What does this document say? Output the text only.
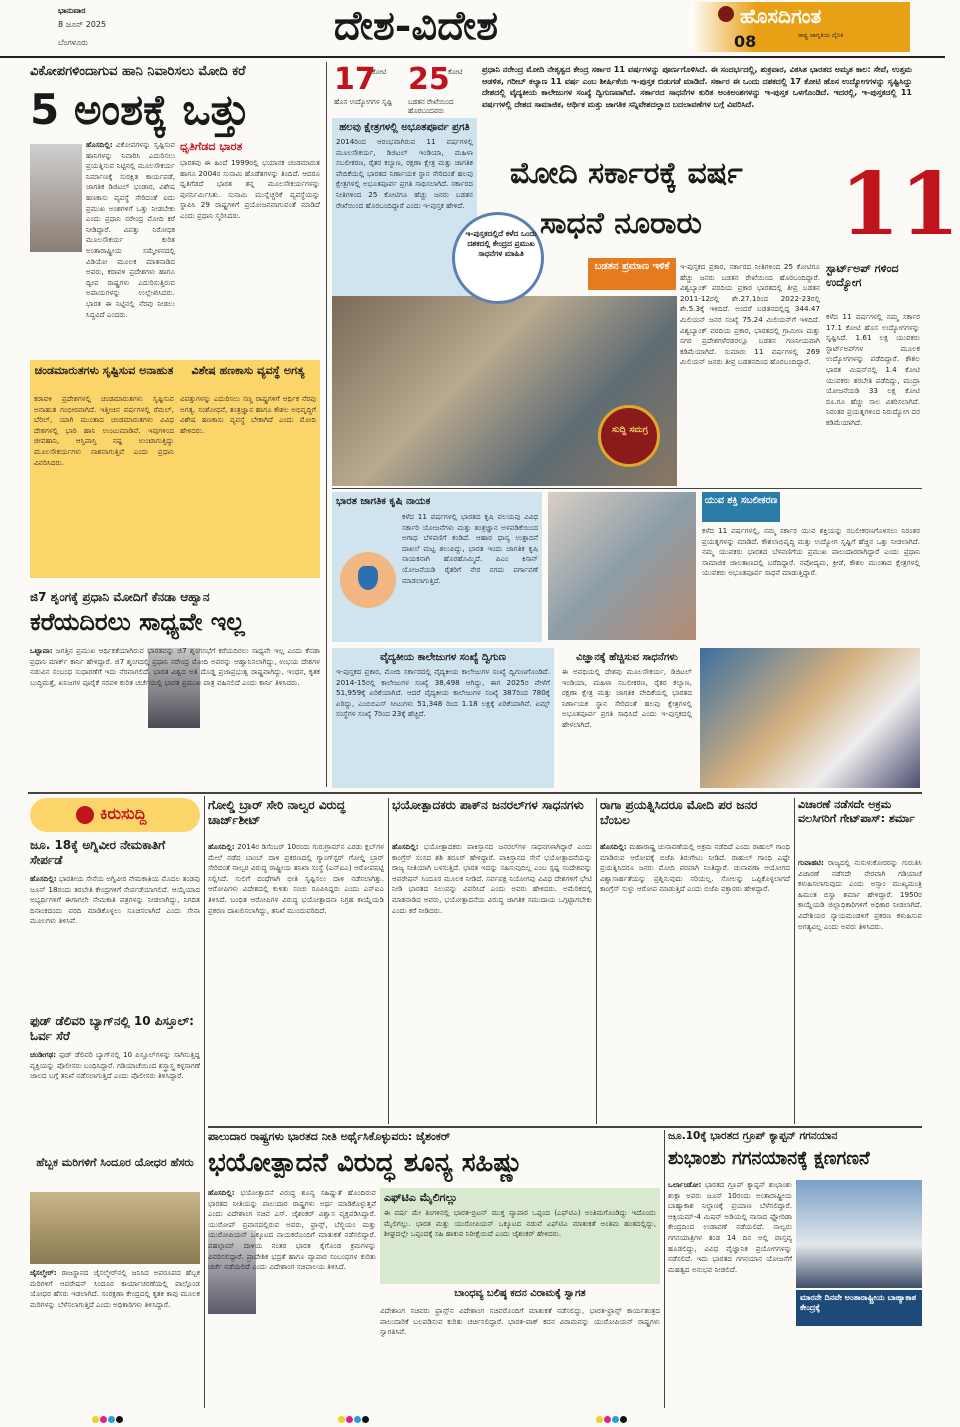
ಭಾನುವಾರ
8 ಜೂನ್ 2025
ಬೆಂಗಳೂರು	ದೇಶ-ವಿದೇಶ	ಹೊಸದಿಗಂತ
ರಾಷ್ಟ್ರ ಜಾಗೃತಿಯ ದೈನಿಕ
08
ವಿಕೋಪಗಳಿಂದಾಗುವ ಹಾನಿ ನಿವಾರಿಸಲು ಮೋದಿ ಕರೆ
5 ಅಂಶಕ್ಕೆ ಒತ್ತು
ಹೊಸದಿಲ್ಲಿ: ವಿಕೋಪಗಳನ್ನು ಸೃಷ್ಟಿಸುವ ಹಾನಿಗಳನ್ನು ನಿವಾರಿಸಿ ಎದುರಿಸಲು ಪ್ರಯತ್ನಿಸುವ ನಿಟ್ಟಿನಲ್ಲಿ ಮೂಲಸೌಕರ್ಯ ನಿರ್ಮಾಣಕ್ಕೆ ಸುರಕ್ಷಿತ ಕಾರ್ಯಪಡೆ, ಜಾಗತಿಕ ಡಿಜಿಟಲ್ ಭಂಡಾರ, ವಿಶೇಷ ಹಣಕಾಸು ವ್ಯವಸ್ಥೆ ಸೇರಿದಂತೆ ಐದು ಪ್ರಮುಖ ಅಂಶಗಳಿಗೆ ಒತ್ತು ನೀಡಬೇಕು ಎಂದು ಪ್ರಧಾನಿ ನರೇಂದ್ರ ಮೋದಿ ಕರೆ ನೀಡಿದ್ದಾರೆ. ವಿಪತ್ತು ನಿರೋಧಕ ಮೂಲಸೌಕರ್ಯ ಕುರಿತ ಅಂತಾರಾಷ್ಟ್ರೀಯ ಸಮ್ಮೇಳನದಲ್ಲಿ ವಿಡಿಯೋ ಮೂಲಕ ಮಾತನಾಡಿದ ಅವರು, ಕರಾವಳಿ ಪ್ರದೇಶಗಳು ಹಾಗೂ ದ್ವೀಪ ರಾಷ್ಟ್ರಗಳು ಎದುರಿಸುತ್ತಿರುವ ಅಪಾಯಗಳನ್ನು ಉಲ್ಲೇಖಿಸಿದರು. ಭಾರತ ಈ ನಿಟ್ಟಿನಲ್ಲಿ ನೆರವು ನೀಡಲು ಸಿದ್ಧವಿದೆ ಎಂದರು.
ಧೃತಿಗೆಡದ ಭಾರತ
ಭಾರತವು ಈ ಹಿಂದೆ 1999ರಲ್ಲಿ ಭಯಾನಕ ಚಂಡಮಾರುತ ಹಾಗೂ 2004ರ ಸುನಾಮಿ ಹೊಡೆತಗಳನ್ನು ತಿಂದಿದೆ. ಆದರೂ ಧೃತಿಗೆಡದೆ ಭಾರತ ತನ್ನ ಮೂಲಸೌಕರ್ಯಗಳನ್ನು ಪುನರ್ನಿರ್ಮಿಸಿತು. ಸುನಾಮಿ ಮುನ್ನೆಚ್ಚರಿಕೆ ವ್ಯವಸ್ಥೆಯನ್ನು ಸ್ಥಾಪಿಸಿ 29 ರಾಷ್ಟ್ರಗಳಿಗೆ ಪ್ರಯೋಜನವಾಗುವಂತೆ ಮಾಡಿದೆ ಎಂದು ಪ್ರಧಾನಿ ಸ್ಮರಿಸಿದರು.
ಚಂಡಮಾರುತಗಳು ಸೃಷ್ಟಿಸುವ ಅನಾಹುತ
ಕರಾವಳಿ ಪ್ರದೇಶಗಳಲ್ಲಿ ಚಂಡಮಾರುತಗಳು ಸೃಷ್ಟಿಸುವ ಅನಾಹುತ ಗಂಭೀರವಾಗಿದೆ. ಇತ್ತೀಚಿನ ವರ್ಷಗಳಲ್ಲಿ ರೆಮಲ್, ಬೆರಿಲ್, ಯಾಗಿ ಮುಂತಾದ ಚಂಡಮಾರುತಗಳು ವಿವಿಧ ದೇಶಗಳಲ್ಲಿ ಭಾರಿ ಹಾನಿ ಉಂಟುಮಾಡಿವೆ. ಇವುಗಳಿಂದ ಜೀವಹಾನಿ, ಆಸ್ತಿಪಾಸ್ತಿ ನಷ್ಟ ಉಂಟಾಗುತ್ತಿದ್ದು ಮೂಲಸೌಕರ್ಯಗಳು ನಾಶವಾಗುತ್ತಿವೆ ಎಂದು ಪ್ರಧಾನಿ ವಿವರಿಸಿದರು.
ವಿಶೇಷ ಹಣಕಾಸು ವ್ಯವಸ್ಥೆ ಅಗತ್ಯ
ವಿಪತ್ತುಗಳನ್ನು ಎದುರಿಸಲು ಸಣ್ಣ ರಾಷ್ಟ್ರಗಳಿಗೆ ಆರ್ಥಿಕ ನೆರವು ಅಗತ್ಯ. ಸಂಶೋಧನೆ, ತಂತ್ರಜ್ಞಾನ ಹಾಗೂ ಕೌಶಲ ಅಭಿವೃದ್ಧಿಗೆ ವಿಶೇಷ ಹಣಕಾಸು ವ್ಯವಸ್ಥೆ ಬೇಕಾಗಿದೆ ಎಂದು ಮೋದಿ ಹೇಳಿದರು.
ಜಿ7 ಶೃಂಗಕ್ಕೆ ಪ್ರಧಾನಿ ಮೋದಿಗೆ ಕೆನಡಾ ಆಹ್ವಾನ
ಕರೆಯದಿರಲು ಸಾಧ್ಯವೇ ಇಲ್ಲ
ಒಟ್ಟಾವಾ: ಜಗತ್ತಿನ ಪ್ರಮುಖ ಆರ್ಥಿಕತೆಯಾಗಿರುವ ಭಾರತವನ್ನು ಜಿ7 ಶೃಂಗಸಭೆಗೆ ಕರೆಯದಿರಲು ಸಾಧ್ಯವೇ ಇಲ್ಲ ಎಂದು ಕೆನಡಾ ಪ್ರಧಾನಿ ಮಾರ್ಕ್ ಕಾರ್ನಿ ಹೇಳಿದ್ದಾರೆ. ಜಿ7 ಶೃಂಗದಲ್ಲಿ ಪ್ರಧಾನಿ ನರೇಂದ್ರ ಮೋದಿ ಅವರನ್ನು ಆಹ್ವಾನಿಸಲಾಗಿದ್ದು, ಉಭಯ ದೇಶಗಳ ನಡುವಿನ ಸಂಬಂಧ ಸುಧಾರಣೆಗೆ ಇದು ನೆರವಾಗಲಿದೆ. ಭಾರತ ವಿಶ್ವದ ಅತಿ ದೊಡ್ಡ ಪ್ರಜಾಪ್ರಭುತ್ವ ರಾಷ್ಟ್ರವಾಗಿದ್ದು, ಇಂಧನ, ಕೃತಕ ಬುದ್ಧಿಮತ್ತೆ, ಖನಿಜಗಳ ಪೂರೈಕೆ ಸರಪಳಿ ಕುರಿತ ಚರ್ಚೆಯಲ್ಲಿ ಭಾರತ ಪ್ರಮುಖ ಪಾತ್ರ ವಹಿಸಲಿದೆ ಎಂದು ಕಾರ್ನಿ ತಿಳಿಸಿದರು.
17
ಕೋಟಿ
ಹೊಸ ಉದ್ಯೋಗಗಳ ಸೃಷ್ಟಿ
25
ಕೋಟಿ
ಬಡತನ ರೇಖೆಯಿಂದ ಹೊರಬಂದವರು
ಪ್ರಧಾನಿ ನರೇಂದ್ರ ಮೋದಿ ನೇತೃತ್ವದ ಕೇಂದ್ರ ಸರ್ಕಾರ 11 ವರ್ಷಗಳನ್ನು ಪೂರ್ಣಗೊಳಿಸಿದೆ. ಈ ಸಂದರ್ಭದಲ್ಲಿ, ಶುಕ್ರವಾರ, ವಿಕಸಿತ ಭಾರತದ ಅಮೃತ ಕಾಲ: ಸೇವೆ, ಉತ್ತಮ ಆಡಳಿತ, ಗರೀಬ್ ಕಲ್ಯಾಣ 11 ವರ್ಷ ಎಂಬ ಶೀರ್ಷಿಕೆಯ ಇ-ಪುಸ್ತಕ ಬಿಡುಗಡೆ ಮಾಡಿದೆ. ಸರ್ಕಾರ ಈ ಒಂದು ದಶಕದಲ್ಲಿ 17 ಕೋಟಿ ಹೊಸ ಉದ್ಯೋಗಗಳನ್ನು ಸೃಷ್ಟಿಸಿದ್ದು ದೇಶದಲ್ಲಿ ವೈದ್ಯಕೀಯ ಕಾಲೇಜುಗಳ ಸಂಖ್ಯೆ ದ್ವಿಗುಣವಾಗಿದೆ. ಸರ್ಕಾರದ ಸಾಧನೆಗಳ ಕುರಿತ ಅಂಕಿಅಂಶಗಳನ್ನು ಇ-ಪುಸ್ತಕ ಒಳಗೊಂಡಿದೆ. ಇದರಲ್ಲಿ, ಇ-ಪುಸ್ತಕದಲ್ಲಿ 11 ವರ್ಷಗಳಲ್ಲಿ ದೇಶದ ಸಾಮಾಜಿಕ, ಆರ್ಥಿಕ ಮತ್ತು ಜಾಗತಿಕ ಸನ್ನಿವೇಶದಲ್ಲಾದ ಬದಲಾವಣೆಗಳ ಬಗ್ಗೆ ವಿವರಿಸಿದೆ.
ಹಲವು ಕ್ಷೇತ್ರಗಳಲ್ಲಿ ಅಭೂತಪೂರ್ವ ಪ್ರಗತಿ
2014ರಿಂದ ಆರಂಭವಾಗಿರುವ 11 ವರ್ಷಗಳಲ್ಲಿ ಮೂಲಸೌಕರ್ಯ, ಡಿಜಿಟಲ್ ಇಂಡಿಯಾ, ಮಹಿಳಾ ಸಬಲೀಕರಣ, ರೈತರ ಕಲ್ಯಾಣ, ರಕ್ಷಣಾ ಕ್ಷೇತ್ರ ಮತ್ತು ಜಾಗತಿಕ ವೇದಿಕೆಯಲ್ಲಿ ಭಾರತದ ನಿರ್ಣಾಯಕ ಸ್ಥಾನ ಸೇರಿದಂತೆ ಹಲವು ಕ್ಷೇತ್ರಗಳಲ್ಲಿ ಅಭೂತಪೂರ್ವ ಪ್ರಗತಿ ಸಾಧಿಸಲಾಗಿದೆ. ಸರ್ಕಾರದ ನೀತಿಗಳಿಂದ 25 ಕೋಟಿಗೂ ಹೆಚ್ಚು ಜನರು ಬಡತನ ರೇಖೆಯಿಂದ ಹೊರಬಂದಿದ್ದಾರೆ ಎಂದು ಇ-ಪುಸ್ತಕ ಹೇಳಿದೆ.
ಮೋದಿ ಸರ್ಕಾರಕ್ಕೆ ವರ್ಷ
ಸಾಧನೆ ನೂರಾರು	11
ಇ-ಪುಸ್ತಕದಲ್ಲಿದೆ ಕಳೆದ ಒಂದು ದಶಕದಲ್ಲಿ ಕೇಂದ್ರದ ಪ್ರಮುಖ ಸಾಧನೆಗಳ ಮಾಹಿತಿ
ಸುದ್ದಿ ಸಮಗ್ರ
ಬಡತನ ಪ್ರಮಾಣ ಇಳಿಕೆ	ಇ-ಪುಸ್ತಕದ ಪ್ರಕಾರ, ಸರ್ಕಾರದ ನೀತಿಗಳಿಂದ 25 ಕೋಟಿಗೂ ಹೆಚ್ಚು ಜನರು ಬಡತನ ರೇಖೆಯಿಂದ ಹೊರಬಂದಿದ್ದಾರೆ. ವಿಶ್ವಬ್ಯಾಂಕ್ ವರದಿಯ ಪ್ರಕಾರ ಭಾರತದಲ್ಲಿ ತೀವ್ರ ಬಡತನ 2011-12ರಲ್ಲಿ ಶೇ.27.1ರಿಂದ 2022-23ರಲ್ಲಿ ಶೇ.5.3ಕ್ಕೆ ಇಳಿದಿದೆ. ಅಂದರೆ ಬಡತನದಲ್ಲಿದ್ದ 344.47 ಮಿಲಿಯನ್ ಜನರ ಸಂಖ್ಯೆ 75.24 ಮಿಲಿಯನ್‌ಗೆ ಇಳಿದಿದೆ. ವಿಶ್ವಬ್ಯಾಂಕ್ ವರದಿಯ ಪ್ರಕಾರ, ಭಾರತದಲ್ಲಿ ಗ್ರಾಮೀಣ ಮತ್ತು ನಗರ ಪ್ರದೇಶಗಳೆರಡರಲ್ಲೂ ಬಡತನ ಗಣನೀಯವಾಗಿ ಕಡಿಮೆಯಾಗಿದೆ. ಸುಮಾರು 11 ವರ್ಷಗಳಲ್ಲಿ 269 ಮಿಲಿಯನ್ ಜನರು ತೀವ್ರ ಬಡತನದಿಂದ ಹೊರಬಂದಿದ್ದಾರೆ.
ಸ್ಟಾರ್ಟ್‌ಅಪ್ ಗಳಿಂದ ಉದ್ಯೋಗ
ಕಳೆದ 11 ವರ್ಷಗಳಲ್ಲಿ ನಮ್ಮ ಸರ್ಕಾರ 17.1 ಕೋಟಿ ಹೊಸ ಉದ್ಯೋಗಗಳನ್ನು ಸೃಷ್ಟಿಸಿದೆ. 1.61 ಲಕ್ಷ ಯುವಕರು ಸ್ಟಾರ್ಟ್‌ಅಪ್‌ಗಳ ಮೂಲಕ ಉದ್ಯೋಗಗಳನ್ನು ಪಡೆದಿದ್ದಾರೆ. ಕೌಶಲ ಭಾರತ ಮಿಷನ್‌ನಲ್ಲಿ 1.4 ಕೋಟಿ ಯುವಕರು ತರಬೇತಿ ಪಡೆದಿದ್ದು, ಮುದ್ರಾ ಯೋಜನೆಯಡಿ 33 ಲಕ್ಷ ಕೋಟಿ ರೂ.ಗೂ ಹೆಚ್ಚು ಸಾಲ ವಿತರಿಸಲಾಗಿದೆ. ನಿರಂತರ ಪ್ರಯತ್ನಗಳಿಂದ ನಿರುದ್ಯೋಗ ದರ ಕಡಿಮೆಯಾಗಿದೆ.
ಭಾರತ ಜಾಗತಿಕ ಕೃಷಿ ನಾಯಕ
ಕಳೆದ 11 ವರ್ಷಗಳಲ್ಲಿ ಭಾರತದ ಕೃಷಿ ವಲಯವು ವಿವಿಧ ಸರ್ಕಾರಿ ಯೋಜನೆಗಳು ಮತ್ತು ತಂತ್ರಜ್ಞಾನ ಅಳವಡಿಕೆಯಿಂದ ಅಗಾಧ ಬೆಳವಣಿಗೆ ಕಂಡಿದೆ. ಆಹಾರ ಧಾನ್ಯ ಉತ್ಪಾದನೆ ದಾಖಲೆ ಮಟ್ಟ ತಲುಪಿದ್ದು, ಭಾರತ ಇಂದು ಜಾಗತಿಕ ಕೃಷಿ ನಾಯಕನಾಗಿ ಹೊರಹೊಮ್ಮಿದೆ. ಪಿಎಂ ಕಿಸಾನ್ ಯೋಜನೆಯಡಿ ರೈತರಿಗೆ ನೇರ ನಗದು ವರ್ಗಾವಣೆ ಮಾಡಲಾಗುತ್ತಿದೆ.
ಯುವ ಶಕ್ತಿ ಸಬಲೀಕರಣ
ಕಳೆದ 11 ವರ್ಷಗಳಲ್ಲಿ, ನಮ್ಮ ಸರ್ಕಾರ ಯುವ ಶಕ್ತಿಯನ್ನು ಸಬಲೀಕರಣಗೊಳಿಸಲು ನಿರಂತರ ಪ್ರಯತ್ನಗಳನ್ನು ಮಾಡಿದೆ. ಕೌಶಲಾಭಿವೃದ್ಧಿ ಮತ್ತು ಉದ್ಯೋಗ ಸೃಷ್ಟಿಗೆ ಹೆಚ್ಚಿನ ಒತ್ತು ನೀಡಲಾಗಿದೆ. ನಮ್ಮ ಯುವಕರು ಭಾರತದ ಬೆಳವಣಿಗೆಯ ಪ್ರಮುಖ ಪಾಲುದಾರರಾಗಿದ್ದಾರೆ ಎಂದು ಪ್ರಧಾನಿ ಸಾಮಾಜಿಕ ಜಾಲತಾಣದಲ್ಲಿ ಬರೆದಿದ್ದಾರೆ. ನವೋದ್ಯಮ, ಕ್ರೀಡೆ, ಕೌಶಲ ಮುಂತಾದ ಕ್ಷೇತ್ರಗಳಲ್ಲಿ ಯುವಕರು ಅಭೂತಪೂರ್ವ ಸಾಧನೆ ಮಾಡುತ್ತಿದ್ದಾರೆ.
ವೈದ್ಯಕೀಯ ಕಾಲೇಜುಗಳ ಸಂಖ್ಯೆ ದ್ವಿಗುಣ
ಇ-ಪುಸ್ತಕದ ಪ್ರಕಾರ, ಮೋದಿ ಸರ್ಕಾರದಲ್ಲಿ ವೈದ್ಯಕೀಯ ಕಾಲೇಜುಗಳ ಸಂಖ್ಯೆ ದ್ವಿಗುಣಗೊಂಡಿದೆ. 2014-15ರಲ್ಲಿ ಕಾಲೇಜುಗಳ ಸಂಖ್ಯೆ 38,498 ಆಗಿದ್ದು, ಈಗ 2025ರ ವೇಳೆಗೆ 51,959ಕ್ಕೆ ಏರಿಕೆಯಾಗಿದೆ. ಆದರೆ ವೈದ್ಯಕೀಯ ಕಾಲೇಜುಗಳ ಸಂಖ್ಯೆ 387ರಿಂದ 780ಕ್ಕೆ ಏರಿದ್ದು, ಎಂಬಿಬಿಎಸ್ ಸೀಟುಗಳು 51,348 ರಿಂದ 1.18 ಲಕ್ಷಕ್ಕೆ ಏರಿಕೆಯಾಗಿವೆ. ಏಮ್ಸ್ ಸಂಸ್ಥೆಗಳ ಸಂಖ್ಯೆ 7ರಿಂದ 23ಕ್ಕೆ ಹೆಚ್ಚಿದೆ.
ವಿಜ್ಞಾನಕ್ಕೆ ಹೆಚ್ಚಿಸುವ ಸಾಧನೆಗಳು
ಈ ಅವಧಿಯಲ್ಲಿ ದೇಶವು ಮೂಲಸೌಕರ್ಯ, ಡಿಜಿಟಲ್ ಇಂಡಿಯಾ, ಮಹಿಳಾ ಸಬಲೀಕರಣ, ರೈತರ ಕಲ್ಯಾಣ, ರಕ್ಷಣಾ ಕ್ಷೇತ್ರ ಮತ್ತು ಜಾಗತಿಕ ವೇದಿಕೆಯಲ್ಲಿ ಭಾರತದ ನಿರ್ಣಾಯಕ ಸ್ಥಾನ ಸೇರಿದಂತೆ ಹಲವು ಕ್ಷೇತ್ರಗಳಲ್ಲಿ ಅಭೂತಪೂರ್ವ ಪ್ರಗತಿ ಸಾಧಿಸಿದೆ ಎಂದು ಇ-ಪುಸ್ತಕದಲ್ಲಿ ಹೇಳಲಾಗಿದೆ.
ಕಿರುಸುದ್ದಿ
ಜೂ. 18ಕ್ಕೆ ಅಗ್ನಿವೀರ ನೇಮಕಾತಿಗೆ ಸೇರ್ಪಡೆ
ಹೊಸದಿಲ್ಲಿ: ಭಾರತೀಯ ಸೇನೆಯ ಅಗ್ನಿವೀರ ನೇಮಕಾತಿಯ ಮೊದಲ ತಂಡವು ಜೂನ್ 18ರಂದು ತರಬೇತಿ ಕೇಂದ್ರಗಳಿಗೆ ಸೇರ್ಪಡೆಯಾಗಲಿದೆ. ಆಯ್ಕೆಯಾದ ಅಭ್ಯರ್ಥಿಗಳಿಗೆ ಈಗಾಗಲೇ ನೇಮಕಾತಿ ಪತ್ರಗಳನ್ನು ನೀಡಲಾಗಿದ್ದು, ನಿಗದಿತ ದಿನಾಂಕದಂದು ವರದಿ ಮಾಡಿಕೊಳ್ಳಲು ಸೂಚಿಸಲಾಗಿದೆ ಎಂದು ಸೇನಾ ಮೂಲಗಳು ತಿಳಿಸಿವೆ.
ಫುಡ್ ಡೆಲಿವರಿ ಬ್ಯಾಗ್‌ನಲ್ಲಿ 10 ಪಿಸ್ತೂಲ್: ಓರ್ವ ಸೆರೆ
ಚಂಡೀಗಢ: ಫುಡ್ ಡೆಲಿವರಿ ಬ್ಯಾಗ್‌ನಲ್ಲಿ 10 ಪಿಸ್ತೂಲ್‌ಗಳನ್ನು ಸಾಗಿಸುತ್ತಿದ್ದ ವ್ಯಕ್ತಿಯನ್ನು ಪೊಲೀಸರು ಬಂಧಿಸಿದ್ದಾರೆ. ಗಡಿಯಾಚೆಯಿಂದ ಶಸ್ತ್ರಾಸ್ತ್ರ ಕಳ್ಳಸಾಗಣೆ ಜಾಲದ ಬಗ್ಗೆ ತನಿಖೆ ನಡೆಸಲಾಗುತ್ತಿದೆ ಎಂದು ಪೊಲೀಸರು ತಿಳಿಸಿದ್ದಾರೆ.
ಹೆಬ್ಬಕ ಮರಿಗಳಿಗೆ ಸಿಂದೂರ ಯೋಧರ ಹೆಸರು
ಜೈಸಲ್ಮೇರ್: ರಾಜಸ್ಥಾನದ ಜೈಸಲ್ಮೇರ್‌ನಲ್ಲಿ ಜನಿಸಿದ ಅಪರೂಪದ ಹೆಬ್ಬಕ ಮರಿಗಳಿಗೆ ಆಪರೇಷನ್ ಸಿಂದೂರ ಕಾರ್ಯಾಚರಣೆಯಲ್ಲಿ ಪಾಲ್ಗೊಂಡ ಯೋಧರ ಹೆಸರು ಇಡಲಾಗಿದೆ. ಸಂರಕ್ಷಣಾ ಕೇಂದ್ರದಲ್ಲಿ ಕೃತಕ ಕಾವು ಮೂಲಕ ಮರಿಗಳನ್ನು ಬೆಳೆಸಲಾಗುತ್ತಿದೆ ಎಂದು ಅಧಿಕಾರಿಗಳು ತಿಳಿಸಿದ್ದಾರೆ.
ಗೋಲ್ಡಿ ಬ್ರಾರ್ ಸೇರಿ ನಾಲ್ವರ ವಿರುದ್ಧ ಚಾರ್ಜ್‌ಶೀಟ್
ಹೊಸದಿಲ್ಲಿ: 2014ರ ಡಿಸೆಂಬರ್ 10ರಂದು ಗುರುಗ್ರಾಮ್‌ನ ಎರಡು ಕ್ಲಬ್‌ಗಳ ಮೇಲೆ ನಡೆದ ಬಾಂಬ್ ದಾಳಿ ಪ್ರಕರಣದಲ್ಲಿ ಗ್ಯಾಂಗ್‌ಸ್ಟರ್ ಗೋಲ್ಡಿ ಬ್ರಾರ್ ಸೇರಿದಂತೆ ನಾಲ್ವರ ವಿರುದ್ಧ ರಾಷ್ಟ್ರೀಯ ತನಿಖಾ ಸಂಸ್ಥೆ (ಎನ್‌ಐಎ) ಆರೋಪಪಟ್ಟಿ ಸಲ್ಲಿಸಿದೆ. ಸುಲಿಗೆ ದಂಧೆಗಾಗಿ ಭೀತಿ ಸೃಷ್ಟಿಸಲು ದಾಳಿ ನಡೆಸಲಾಗಿತ್ತು. ಆರೋಪಿಗಳು ವಿದೇಶದಲ್ಲಿ ಕುಳಿತು ಸಂಚು ರೂಪಿಸಿದ್ದರು ಎಂದು ಎನ್‌ಐಎ ತಿಳಿಸಿದೆ. ಬಂಧಿತ ಆರೋಪಿಗಳ ವಿರುದ್ಧ ಭಯೋತ್ಪಾದನಾ ನಿಗ್ರಹ ಕಾಯ್ದೆಯಡಿ ಪ್ರಕರಣ ದಾಖಲಿಸಲಾಗಿದ್ದು, ತನಿಖೆ ಮುಂದುವರಿದಿದೆ.
ಭಯೋತ್ಪಾದಕರು ಪಾಕ್‌ನ ಜನರಲ್‌ಗಳ ಸಾಧನಗಳು
ಹೊಸದಿಲ್ಲಿ: ಭಯೋತ್ಪಾದಕರು ಪಾಕಿಸ್ತಾನದ ಜನರಲ್‌ಗಳ ಸಾಧನಗಳಾಗಿದ್ದಾರೆ ಎಂದು ಕಾಂಗ್ರೆಸ್ ಸಂಸದ ಶಶಿ ತರೂರ್ ಹೇಳಿದ್ದಾರೆ. ಪಾಕಿಸ್ತಾನದ ಸೇನೆ ಭಯೋತ್ಪಾದನೆಯನ್ನು ರಾಜ್ಯ ನೀತಿಯಾಗಿ ಬಳಸುತ್ತಿದೆ. ಭಾರತ ಇದನ್ನು ಸಹಿಸುವುದಿಲ್ಲ ಎಂಬ ಸ್ಪಷ್ಟ ಸಂದೇಶವನ್ನು ಆಪರೇಷನ್ ಸಿಂದೂರ ಮೂಲಕ ನೀಡಿದೆ. ಸರ್ವಪಕ್ಷ ನಿಯೋಗವು ವಿವಿಧ ದೇಶಗಳಿಗೆ ಭೇಟಿ ನೀಡಿ ಭಾರತದ ನಿಲುವನ್ನು ವಿವರಿಸಿದೆ ಎಂದು ಅವರು ಹೇಳಿದರು. ಅಮೆರಿಕದಲ್ಲಿ ಮಾತನಾಡಿದ ಅವರು, ಭಯೋತ್ಪಾದನೆಯ ವಿರುದ್ಧ ಜಾಗತಿಕ ಸಮುದಾಯ ಒಗ್ಗಟ್ಟಾಗಬೇಕು ಎಂದು ಕರೆ ನೀಡಿದರು.
ರಾಗಾ ಪ್ರಯತ್ನಿಸಿದರೂ ಮೋದಿ ಪರ ಜನರ ಬೆಂಬಲ
ಹೊಸದಿಲ್ಲಿ: ಮಹಾರಾಷ್ಟ್ರ ಚುನಾವಣೆಯಲ್ಲಿ ಅಕ್ರಮ ನಡೆದಿದೆ ಎಂದು ರಾಹುಲ್ ಗಾಂಧಿ ಮಾಡಿರುವ ಆರೋಪಕ್ಕೆ ಬಿಜೆಪಿ ತಿರುಗೇಟು ನೀಡಿದೆ. ರಾಹುಲ್ ಗಾಂಧಿ ಎಷ್ಟೇ ಪ್ರಯತ್ನಿಸಿದರೂ ಜನರು ಮೋದಿ ಪರವಾಗಿ ನಿಂತಿದ್ದಾರೆ. ಚುನಾವಣಾ ಆಯೋಗದ ವಿಶ್ವಾಸಾರ್ಹತೆಯನ್ನು ಪ್ರಶ್ನಿಸುವುದು ಸರಿಯಲ್ಲ. ಸೋಲನ್ನು ಒಪ್ಪಿಕೊಳ್ಳಲಾಗದೆ ಕಾಂಗ್ರೆಸ್ ಸುಳ್ಳು ಆರೋಪ ಮಾಡುತ್ತಿದೆ ಎಂದು ಬಿಜೆಪಿ ವಕ್ತಾರರು ಹೇಳಿದ್ದಾರೆ.
ವಿಚಾರಣೆ ನಡೆಸದೇ ಅಕ್ರಮ ವಲಸಿಗರಿಗೆ ಗೇಟ್‌ಪಾಸ್: ಶರ್ಮಾ
ಗುವಾಹಟಿ: ರಾಜ್ಯದಲ್ಲಿ ನುಸುಳುಕೋರರನ್ನು ಗುರುತಿಸಿ ವಿಚಾರಣೆ ನಡೆಸದೇ ನೇರವಾಗಿ ಗಡಿಯಾಚೆ ಕಳುಹಿಸಲಾಗುವುದು ಎಂದು ಅಸ್ಸಾಂ ಮುಖ್ಯಮಂತ್ರಿ ಹಿಮಂತ ಬಿಸ್ವಾ ಶರ್ಮಾ ಹೇಳಿದ್ದಾರೆ. 1950ರ ಕಾಯ್ದೆಯಡಿ ಜಿಲ್ಲಾಧಿಕಾರಿಗಳಿಗೆ ಅಧಿಕಾರ ನೀಡಲಾಗಿದೆ. ವಿದೇಶಿಯರ ನ್ಯಾಯಮಂಡಳಿಗೆ ಪ್ರಕರಣ ಕಳುಹಿಸುವ ಅಗತ್ಯವಿಲ್ಲ ಎಂದು ಅವರು ತಿಳಿಸಿದರು.
ಪಾಲುದಾರ ರಾಷ್ಟ್ರಗಳು ಭಾರತದ ನೀತಿ ಅರ್ಥೈಸಿಕೊಳ್ಳುವರು: ಜೈಶಂಕರ್
ಭಯೋತ್ಪಾದನೆ ವಿರುದ್ಧ ಶೂನ್ಯ ಸಹಿಷ್ಣು
ಹೊಸದಿಲ್ಲಿ: ಭಯೋತ್ಪಾದನೆ ವಿರುದ್ಧ ಶೂನ್ಯ ಸಹಿಷ್ಣುತೆ ಹೊಂದಿರುವ ಭಾರತದ ನೀತಿಯನ್ನು ಪಾಲುದಾರ ರಾಷ್ಟ್ರಗಳು ಅರ್ಥ ಮಾಡಿಕೊಳ್ಳುತ್ತವೆ ಎಂದು ವಿದೇಶಾಂಗ ಸಚಿವ ಎಸ್. ಜೈಶಂಕರ್ ವಿಶ್ವಾಸ ವ್ಯಕ್ತಪಡಿಸಿದ್ದಾರೆ. ಯುರೋಪ್ ಪ್ರವಾಸದಲ್ಲಿರುವ ಅವರು, ಫ್ರಾನ್ಸ್, ಬೆಲ್ಜಿಯಂ ಮತ್ತು ಯುರೋಪಿಯನ್ ಒಕ್ಕೂಟದ ನಾಯಕರೊಂದಿಗೆ ಮಾತುಕತೆ ನಡೆಸಲಿದ್ದಾರೆ. ಪಹಲ್ಗಾಮ್ ದಾಳಿಯ ನಂತರ ಭಾರತ ಕೈಗೊಂಡ ಕ್ರಮಗಳನ್ನು ವಿವರಿಸಲಿದ್ದಾರೆ. ಪ್ರಾದೇಶಿಕ ಭದ್ರತೆ ಹಾಗೂ ವ್ಯಾಪಾರ ಸಂಬಂಧಗಳ ಕುರಿತು ಚರ್ಚೆ ನಡೆಯಲಿದೆ ಎಂದು ವಿದೇಶಾಂಗ ಸಚಿವಾಲಯ ತಿಳಿಸಿದೆ.
ಎಫ್‌ಟಿಎ ಮೈಲಿಗಲ್ಲು
ಈ ವರ್ಷ ಮೇ ತಿಂಗಳಿನಲ್ಲಿ ಭಾರತ-ಬ್ರಿಟನ್ ಮುಕ್ತ ವ್ಯಾಪಾರ ಒಪ್ಪಂದ (ಎಫ್‌ಟಿಎ) ಅಂತಿಮಗೊಂಡಿದ್ದು ಇದೊಂದು ಮೈಲಿಗಲ್ಲು. ಭಾರತ ಮತ್ತು ಯುರೋಪಿಯನ್ ಒಕ್ಕೂಟದ ನಡುವೆ ಎಫ್‌ಟಿಎ ಮಾತುಕತೆ ಅಂತಿಮ ಹಂತದಲ್ಲಿದ್ದು, ಶೀಘ್ರದಲ್ಲೇ ಒಪ್ಪಂದಕ್ಕೆ ಸಹಿ ಹಾಕುವ ನಿರೀಕ್ಷೆಯಿದೆ ಎಂದು ಜೈಶಂಕರ್ ಹೇಳಿದರು.
ಬಾಂಧವ್ಯ ಬಲಿಷ್ಠ ಕದನ ವಿರಾಮಕ್ಕೆ ಸ್ವಾಗತ
ವಿದೇಶಾಂಗ ಸಚಿವರು ಫ್ರಾನ್ಸ್‌ನ ವಿದೇಶಾಂಗ ಸಚಿವರೊಂದಿಗೆ ಮಾತುಕತೆ ನಡೆಸಲಿದ್ದು, ಭಾರತ-ಫ್ರಾನ್ಸ್ ಕಾರ್ಯತಂತ್ರದ ಪಾಲುದಾರಿಕೆ ಬಲಪಡಿಸುವ ಕುರಿತು ಚರ್ಚಿಸಲಿದ್ದಾರೆ. ಭಾರತ-ಪಾಕ್ ಕದನ ವಿರಾಮವನ್ನು ಯುರೋಪಿಯನ್ ರಾಷ್ಟ್ರಗಳು ಸ್ವಾಗತಿಸಿವೆ.
ಜೂ.10ಕ್ಕೆ ಭಾರತದ ಗ್ರೂಪ್ ಕ್ಯಾಪ್ಟನ್ ಗಗನಯಾನ
ಶುಭಾಂಶು ಗಗನಯಾನಕ್ಕೆ ಕ್ಷಣಗಣನೆ
ಒರ್ಲಾಂಡೋ: ಭಾರತದ ಗ್ರೂಪ್ ಕ್ಯಾಪ್ಟನ್ ಶುಭಾಂಶು ಶುಕ್ಲಾ ಅವರು ಜೂನ್ 10ರಂದು ಅಂತಾರಾಷ್ಟ್ರೀಯ ಬಾಹ್ಯಾಕಾಶ ನಿಲ್ದಾಣಕ್ಕೆ ಪ್ರಯಾಣ ಬೆಳೆಸಲಿದ್ದಾರೆ. ಆಕ್ಸಿಯಮ್-4 ಮಿಷನ್ ಅಡಿಯಲ್ಲಿ ನಾಸಾದ ಫ್ಲೋರಿಡಾ ಕೇಂದ್ರದಿಂದ ಉಡಾವಣೆ ನಡೆಯಲಿದೆ. ನಾಲ್ವರು ಗಗನಯಾತ್ರಿಗಳ ತಂಡ 14 ದಿನ ಅಲ್ಲಿ ವಾಸ್ತವ್ಯ ಹೂಡಲಿದ್ದು, ವಿವಿಧ ವೈಜ್ಞಾನಿಕ ಪ್ರಯೋಗಗಳನ್ನು ನಡೆಸಲಿದೆ. ಇದು ಭಾರತದ ಗಗನಯಾನ ಯೋಜನೆಗೆ ಮಹತ್ವದ ಅನುಭವ ನೀಡಲಿದೆ.
ಮಾರನೇ ದಿನವೇ ಅಂತಾರಾಷ್ಟ್ರೀಯ ಬಾಹ್ಯಾಕಾಶ ಕೇಂದ್ರಕ್ಕೆ
